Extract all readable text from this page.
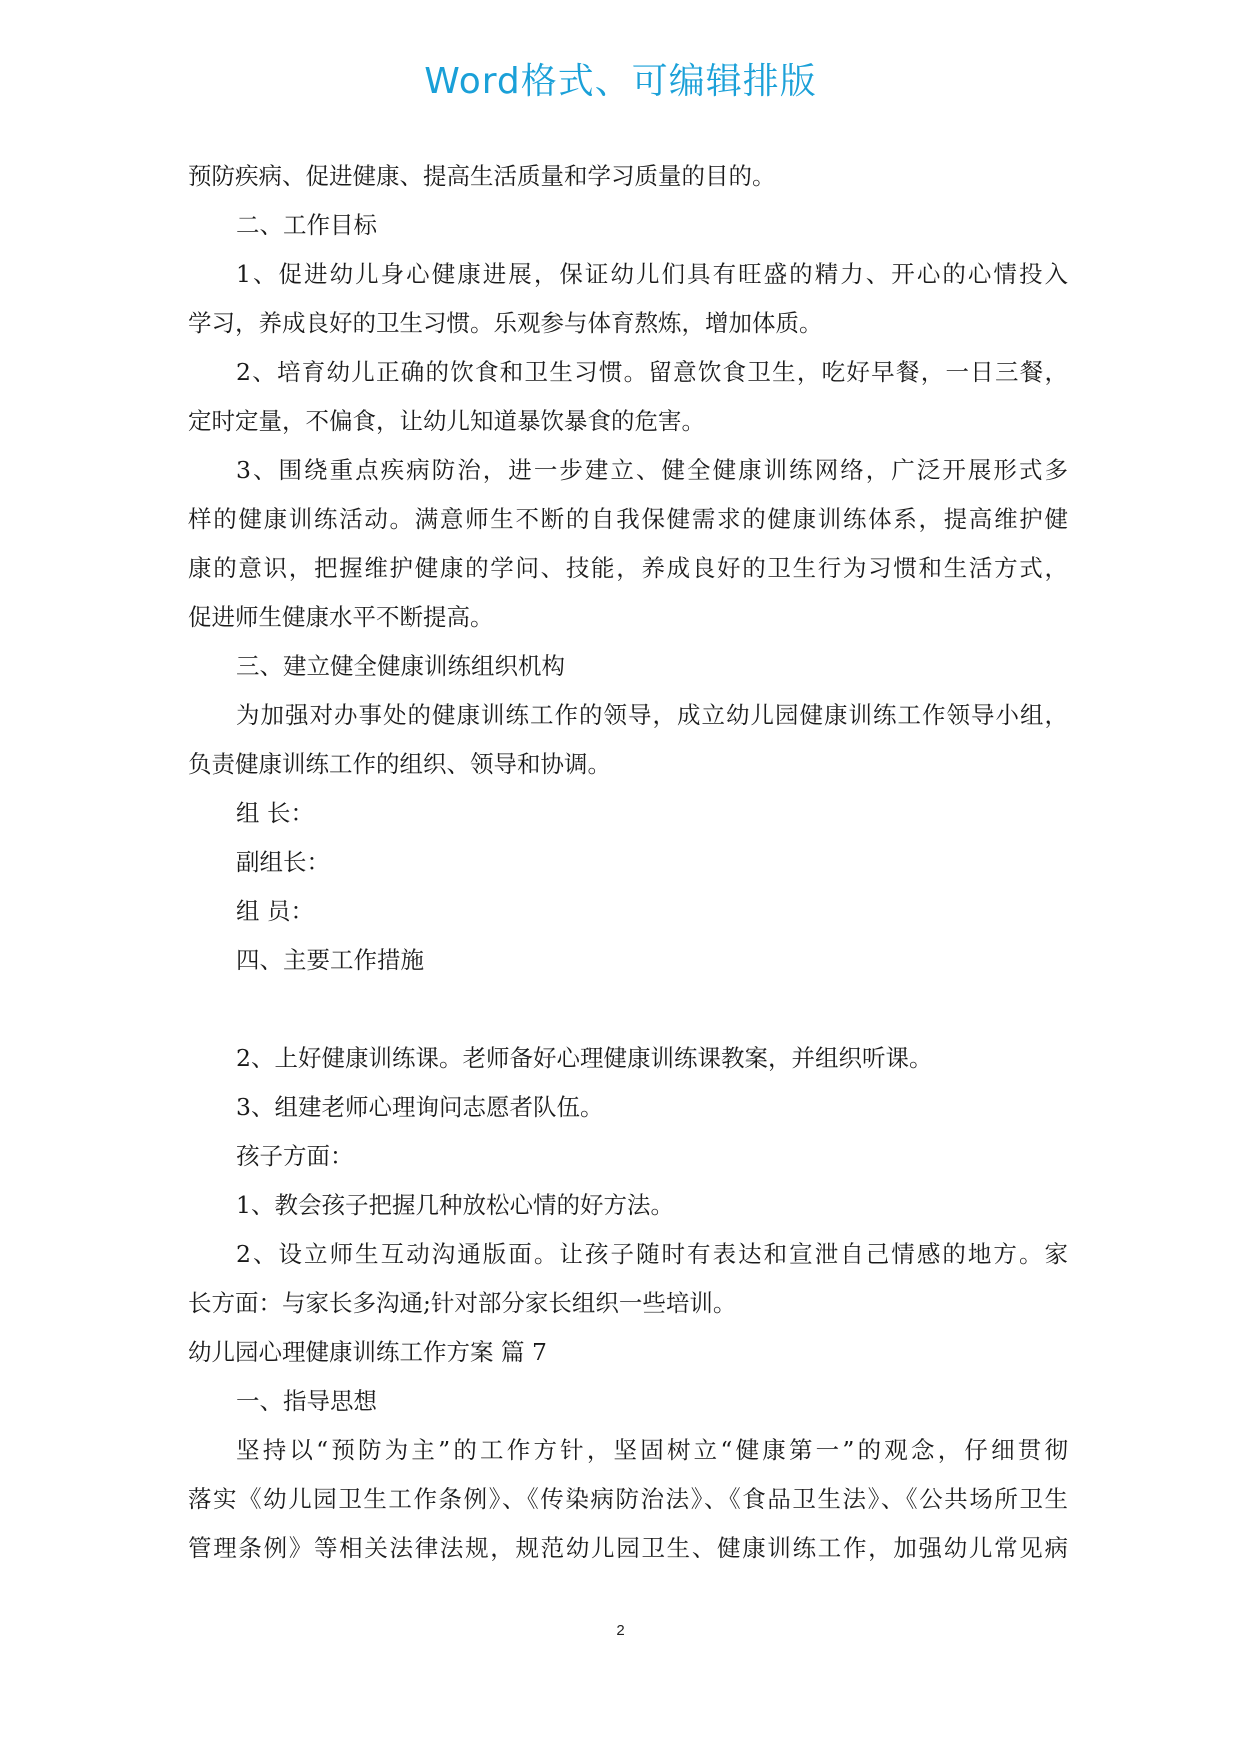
Word格式、可编辑排版
预防疾病、促进健康、提高生活质量和学习质量的目的。
二、工作目标
1、促进幼儿身心健康进展，保证幼儿们具有旺盛的精力、开心的心情投入
学习，养成良好的卫生习惯。乐观参与体育熬炼，增加体质。
2、培育幼儿正确的饮食和卫生习惯。留意饮食卫生，吃好早餐，一日三餐，
定时定量，不偏食，让幼儿知道暴饮暴食的危害。
3、围绕重点疾病防治，进一步建立、健全健康训练网络，广泛开展形式多
样的健康训练活动。满意师生不断的自我保健需求的健康训练体系，提高维护健
康的意识，把握维护健康的学问、技能，养成良好的卫生行为习惯和生活方式，
促进师生健康水平不断提高。
三、建立健全健康训练组织机构
为加强对办事处的健康训练工作的领导，成立幼儿园健康训练工作领导小组，
负责健康训练工作的组织、领导和协调。
组 长：
副组长：
组 员：
四、主要工作措施
2、上好健康训练课。老师备好心理健康训练课教案，并组织听课。
3、组建老师心理询问志愿者队伍。
孩子方面：
1、教会孩子把握几种放松心情的好方法。
2、设立师生互动沟通版面。让孩子随时有表达和宣泄自己情感的地方。家
长方面：与家长多沟通;针对部分家长组织一些培训。
幼儿园心理健康训练工作方案 篇 7
一、指导思想
坚持以“预防为主”的工作方针，坚固树立“健康第一”的观念，仔细贯彻
落实《幼儿园卫生工作条例》、《传染病防治法》、《食品卫生法》、《公共场所卫生
管理条例》等相关法律法规，规范幼儿园卫生、健康训练工作，加强幼儿常见病
2
